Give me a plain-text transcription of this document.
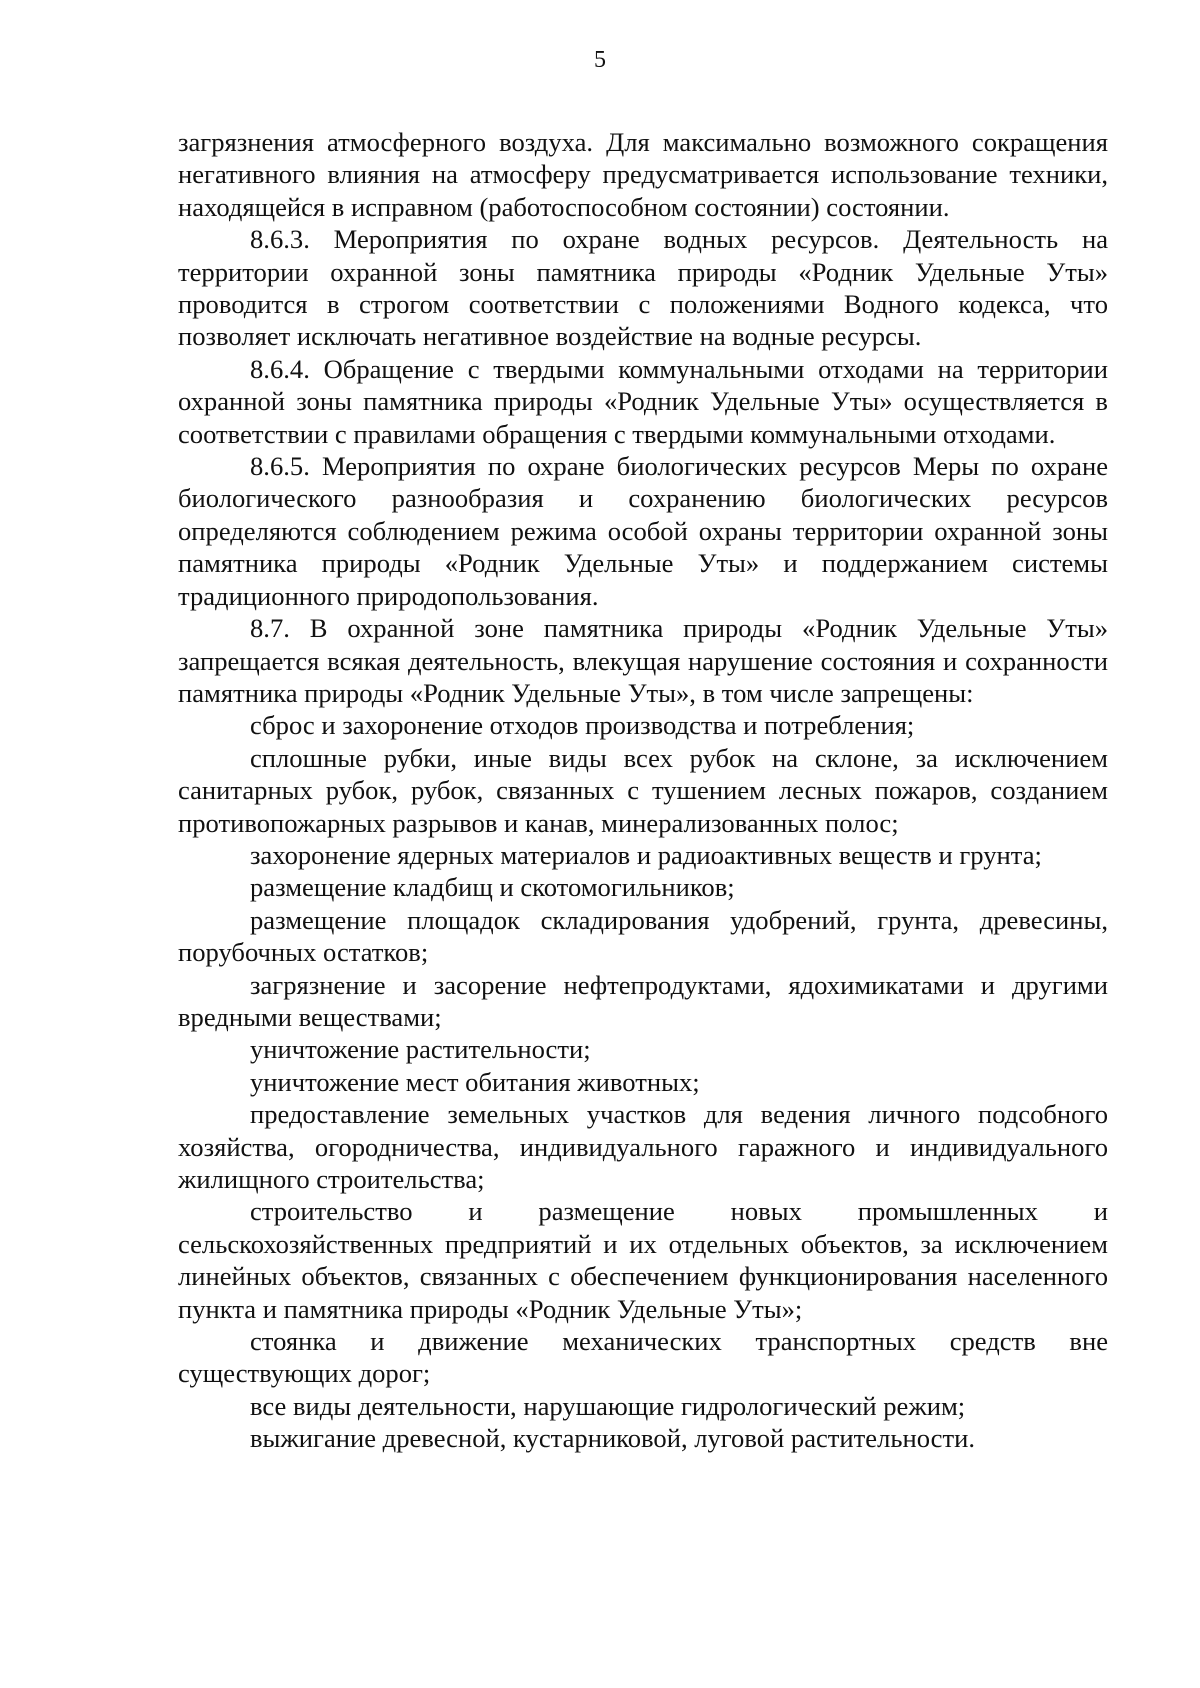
5

загрязнения атмосферного воздуха. Для максимально возможного сокращения негативного влияния на атмосферу предусматривается использование техники, находящейся в исправном (работоспособном состоянии) состоянии.

8.6.3. Мероприятия по охране водных ресурсов. Деятельность на территории охранной зоны памятника природы «Родник Удельные Уты» проводится в строгом соответствии с положениями Водного кодекса, что позволяет исключать негативное воздействие на водные ресурсы.

8.6.4. Обращение с твердыми коммунальными отходами на территории охранной зоны памятника природы «Родник Удельные Уты» осуществляется в соответствии с правилами обращения с твердыми коммунальными отходами.

8.6.5. Мероприятия по охране биологических ресурсов Меры по охране биологического разнообразия и сохранению биологических ресурсов определяются соблюдением режима особой охраны территории охранной зоны памятника природы «Родник Удельные Уты» и поддержанием системы традиционного природопользования.

8.7. В охранной зоне памятника природы «Родник Удельные Уты» запрещается всякая деятельность, влекущая нарушение состояния и сохранности памятника природы «Родник Удельные Уты», в том числе запрещены:

сброс и захоронение отходов производства и потребления;

сплошные рубки, иные виды всех рубок на склоне, за исключением санитарных рубок, рубок, связанных с тушением лесных пожаров, созданием противопожарных разрывов и канав, минерализованных полос;

захоронение ядерных материалов и радиоактивных веществ и грунта;

размещение кладбищ и скотомогильников;

размещение площадок складирования удобрений, грунта, древесины, порубочных остатков;

загрязнение и засорение нефтепродуктами, ядохимикатами и другими вредными веществами;

уничтожение растительности;

уничтожение мест обитания животных;

предоставление земельных участков для ведения личного подсобного хозяйства, огородничества, индивидуального гаражного и индивидуального жилищного строительства;

строительство и размещение новых промышленных и сельскохозяйственных предприятий и их отдельных объектов, за исключением линейных объектов, связанных с обеспечением функционирования населенного пункта и памятника природы «Родник Удельные Уты»;

стоянка и движение механических транспортных средств вне существующих дорог;

все виды деятельности, нарушающие гидрологический режим;

выжигание древесной, кустарниковой, луговой растительности.
